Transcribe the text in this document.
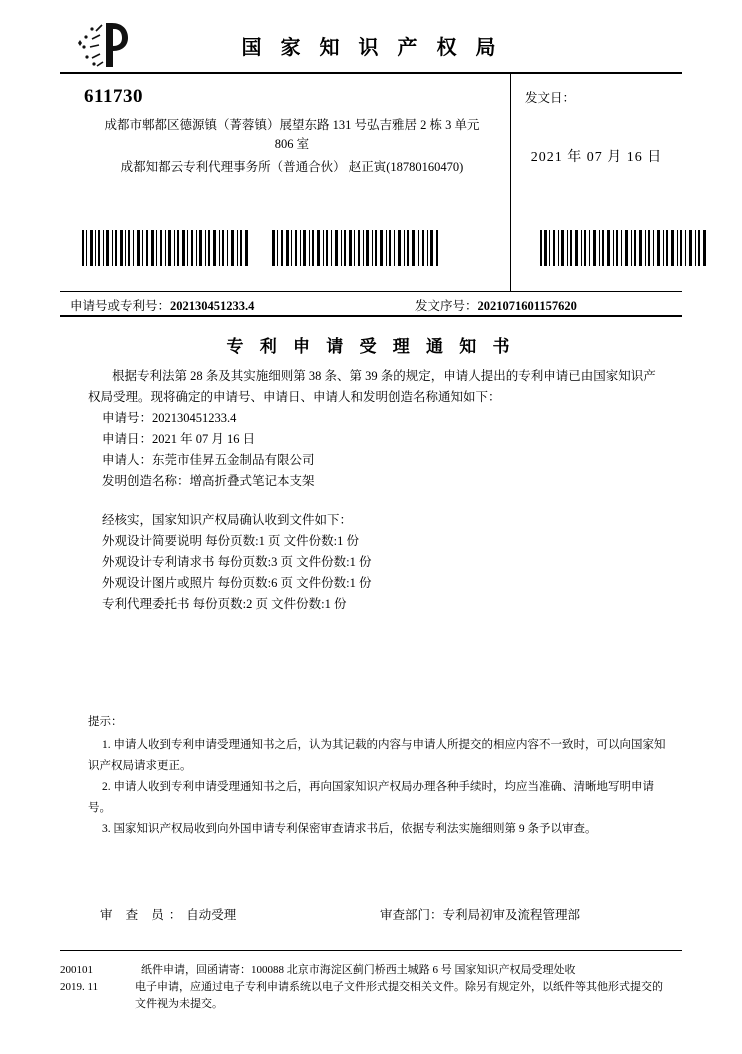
国 家 知 识 产 权 局
611730
成都市郫都区德源镇（菁蓉镇）展望东路 131 号弘吉雅居 2 栋 3 单元
806 室
成都知都云专利代理事务所（普通合伙） 赵正寅(18780160470)
发文日：
2021 年 07 月 16 日
申请号或专利号：202130451233.4	发文序号：2021071601157620
专 利 申 请 受 理 通 知 书
根据专利法第 28 条及其实施细则第 38 条、第 39 条的规定，申请人提出的专利申请已由国家知识产权局受理。现将确定的申请号、申请日、申请人和发明创造名称通知如下：
申请号：202130451233.4
申请日：2021 年 07 月 16 日
申请人：东莞市佳昇五金制品有限公司
发明创造名称：增高折叠式笔记本支架
经核实，国家知识产权局确认收到文件如下：
外观设计简要说明 每份页数:1 页 文件份数:1 份
外观设计专利请求书 每份页数:3 页 文件份数:1 份
外观设计图片或照片 每份页数:6 页 文件份数:1 份
专利代理委托书 每份页数:2 页 文件份数:1 份
提示：
1. 申请人收到专利申请受理通知书之后，认为其记载的内容与申请人所提交的相应内容不一致时，可以向国家知识产权局请求更正。
2. 申请人收到专利申请受理通知书之后，再向国家知识产权局办理各种手续时，均应当准确、清晰地写明申请号。
3. 国家知识产权局收到向外国申请专利保密审查请求书后，依据专利法实施细则第 9 条予以审查。
审 查 员：自动受理	审查部门：专利局初审及流程管理部
200101
2019. 11
纸件申请，回函请寄：100088 北京市海淀区蓟门桥西土城路 6 号 国家知识产权局受理处收
电子申请，应通过电子专利申请系统以电子文件形式提交相关文件。除另有规定外，以纸件等其他形式提交的
文件视为未提交。
